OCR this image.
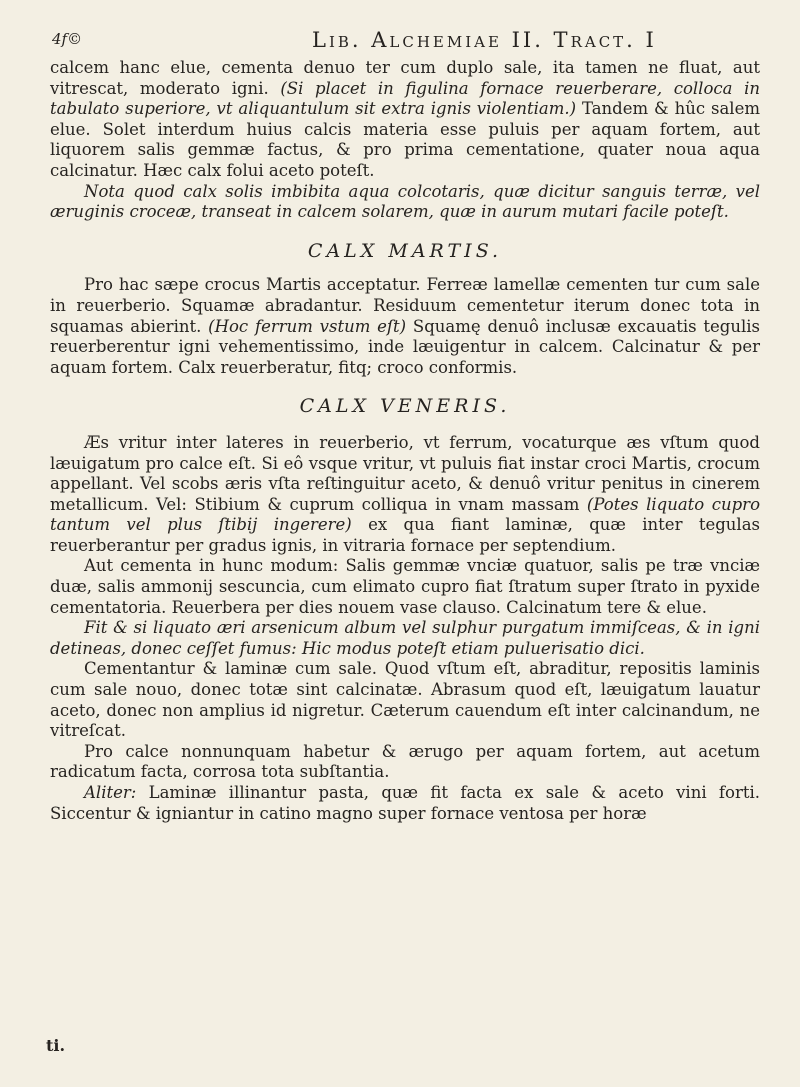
4f©	Lib. Alchemiae II. Tract. I

calcem hanc elue, cementa denuo ter cum duplo sale, ita tamen ne fluat, aut vitrescat, moderato igni. (Si placet in figulina fornace reuerberare, colloca in tabulato superiore, vt aliquantulum sit extra ignis violentiam.) Tandem & hûc salem elue. Solet interdum huius calcis materia esse puluis per aquam fortem, aut liquorem salis gemmæ factus, & pro prima cementatione, quater noua aqua calcinatur. Hæc calx folui aceto poteſt.

Nota quod calx solis imbibita aqua colcotaris, quæ dicitur sanguis terræ, vel æruginis croceæ, transeat in calcem solarem, quæ in aurum mutari facile poteſt.

CALX MARTIS.

Pro hac sæpe crocus Martis acceptatur. Ferreæ lamellæ cementen tur cum sale in reuerberio. Squamæ abradantur. Residuum cementetur iterum donec tota in squamas abierint. (Hoc ferrum vstum eſt) Squamę denuô inclusæ excauatis tegulis reuerberentur igni vehementissimo, inde læuigentur in calcem. Calcinatur & per aquam fortem. Calx reuerberatur, fitq; croco conformis.

CALX VENERIS.

Æs vritur inter lateres in reuerberio, vt ferrum, vocaturque æs vſtum quod læuigatum pro calce eſt. Si eô vsque vritur, vt puluis fiat instar croci Martis, crocum appellant. Vel scobs æris vſta reſtinguitur aceto, & denuô vritur penitus in cinerem metallicum. Vel: Stibium & cuprum colliqua in vnam massam (Potes liquato cupro tantum vel plus ſtibij ingerere) ex qua fiant laminæ, quæ inter tegulas reuerberantur per gradus ignis, in vitraria fornace per septendium.

Aut cementa in hunc modum: Salis gemmæ vnciæ quatuor, salis pe træ vnciæ duæ, salis ammonij sescuncia, cum elimato cupro fiat ſtratum super ſtrato in pyxide cementatoria. Reuerbera per dies nouem vase clauso. Calcinatum tere & elue.

Fit & si liquato æri arsenicum album vel sulphur purgatum immiſceas, & in igni detineas, donec ceſſet fumus: Hic modus poteſt etiam puluerisatio dici.

Cementantur & laminæ cum sale. Quod vſtum eſt, abraditur, repositis laminis cum sale nouo, donec totæ sint calcinatæ. Abrasum quod eſt, læuigatum lauatur aceto, donec non amplius id nigretur. Cæterum cauendum eſt inter calcinandum, ne vitreſcat.

Pro calce nonnunquam habetur & ærugo per aquam fortem, aut acetum radicatum facta, corrosa tota subſtantia.

Aliter: Laminæ illinantur pasta, quæ fit facta ex sale & aceto vini forti. Siccentur & igniantur in catino magno super fornace ventosa per horæ

ti.
